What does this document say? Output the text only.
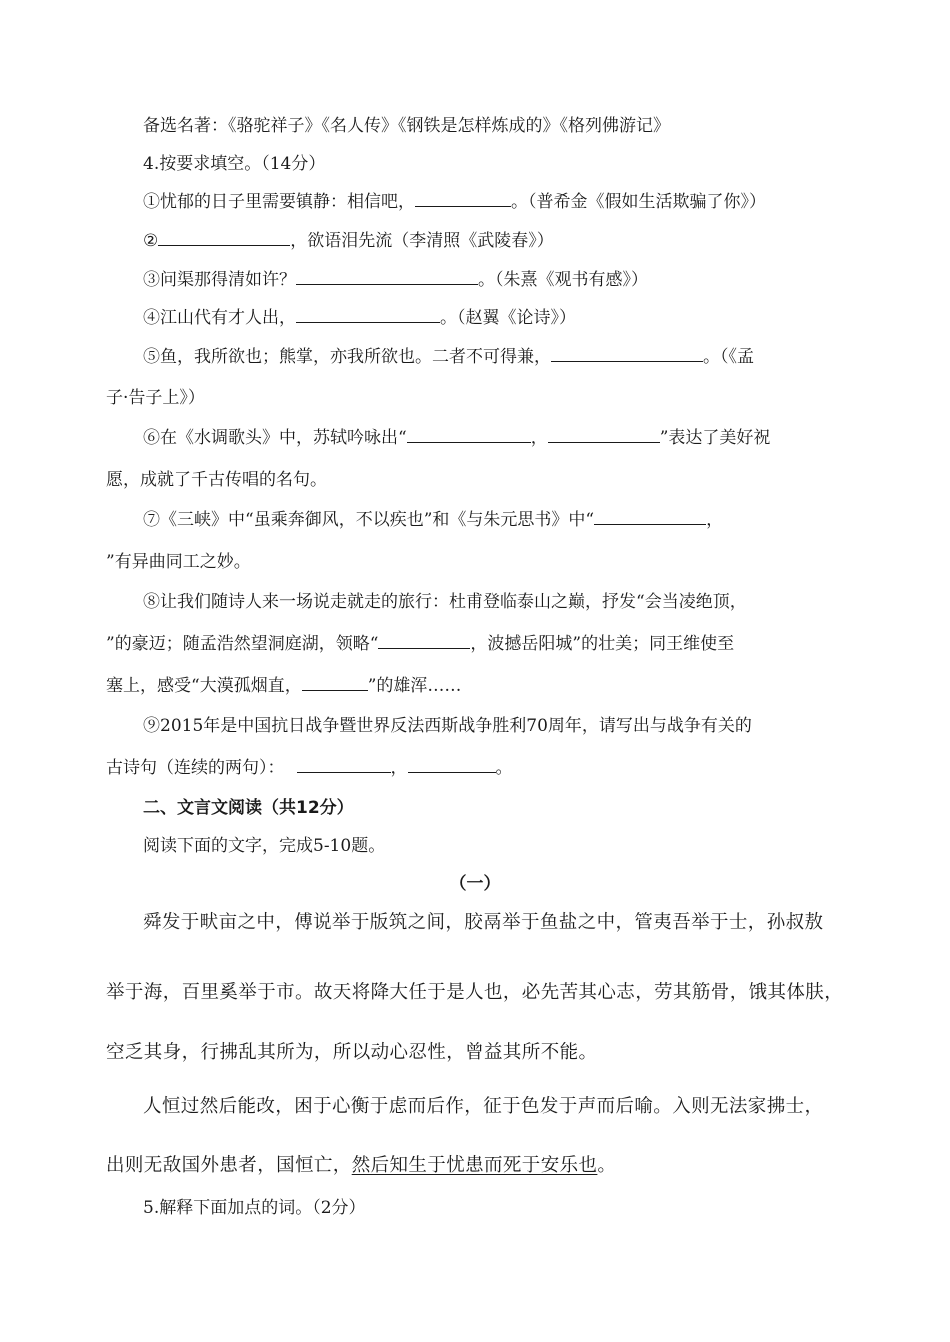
备选名著：《骆驼祥子》《名人传》《钢铁是怎样炼成的》《格列佛游记》
4.按要求填空。（14分）
①忧郁的日子里需要镇静：相信吧，	。（普希金《假如生活欺骗了你》）
②	，欲语泪先流（李清照《武陵春》）
③问渠那得清如许？	。（朱熹《观书有感》）
④江山代有才人出，	。（赵翼《论诗》）
⑤鱼，我所欲也；熊掌，亦我所欲也。二者不可得兼，	。（《孟
子·告子上》）
⑥在《水调歌头》中，苏轼吟咏出“	，	”表达了美好祝
愿，成就了千古传唱的名句。
⑦《三峡》中“虽乘奔御风，不以疾也”和《与朱元思书》中“	，
”有异曲同工之妙。
⑧让我们随诗人来一场说走就走的旅行：杜甫登临泰山之巅，抒发“会当凌绝顶，
”的豪迈；随孟浩然望洞庭湖，领略“	，波撼岳阳城”的壮美；同王维使至
塞上，感受“大漠孤烟直，	”的雄浑……
⑨2015年是中国抗日战争暨世界反法西斯战争胜利70周年，请写出与战争有关的
古诗句（连续的两句）：	，	。
二、文言文阅读（共12分）
阅读下面的文字，完成5-10题。
（一）
舜发于畎亩之中，傅说举于版筑之间，胶鬲举于鱼盐之中，管夷吾举于士，孙叔敖
举于海，百里奚举于市。故天将降大任于是人也，必先苦其心志，劳其筋骨，饿其体肤，
空乏其身，行拂乱其所为，所以动心忍性，曾益其所不能。
人恒过然后能改，困于心衡于虑而后作，征于色发于声而后喻。入则无法家拂士，
出则无敌国外患者，国恒亡，然后知生于忧患而死于安乐也。
5.解释下面加点的词。（2分）
